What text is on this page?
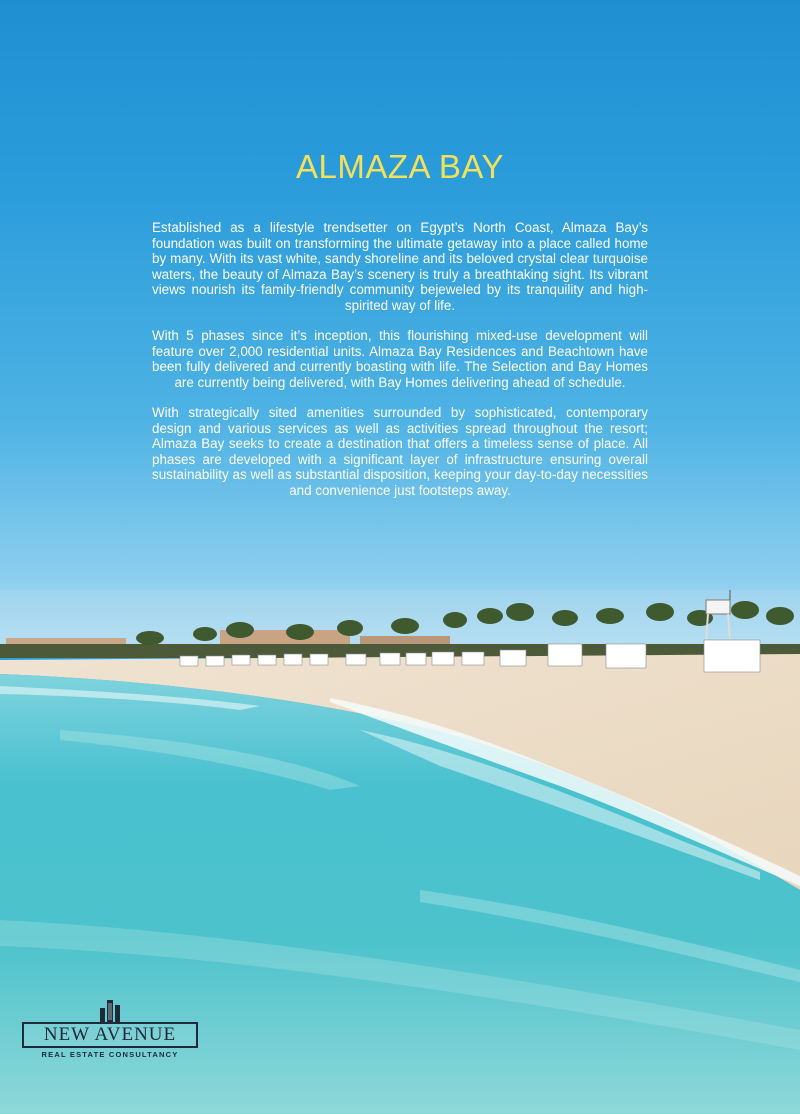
ALMAZA BAY

Established as a lifestyle trendsetter on Egypt’s North Coast, Almaza Bay’s foundation was built on transforming the ultimate getaway into a place called home by many. With its vast white, sandy shoreline and its beloved crystal clear turquoise waters, the beauty of Almaza Bay’s scenery is truly a breathtaking sight. Its vibrant views nourish its family-friendly community bejeweled by its tranquility and high-spirited way of life.

With 5 phases since it’s inception, this flourishing mixed-use development will feature over 2,000 residential units. Almaza Bay Residences and Beachtown have been fully delivered and currently boasting with life. The Selection and Bay Homes are currently being delivered, with Bay Homes delivering ahead of schedule.

With strategically sited amenities surrounded by sophisticated, contemporary design and various services as well as activities spread throughout the resort; Almaza Bay seeks to create a destination that offers a timeless sense of place. All phases are developed with a significant layer of infrastructure ensuring overall sustainability as well as substantial disposition, keeping your day-to-day necessities and convenience just footsteps away.

NEW AVENUE
REAL ESTATE CONSULTANCY
